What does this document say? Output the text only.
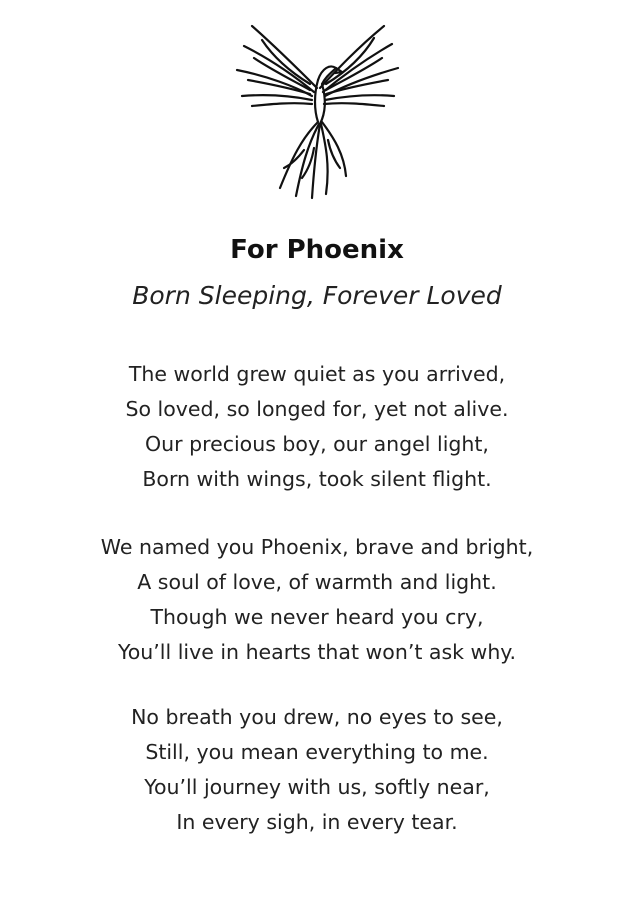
For Phoenix
Born Sleeping, Forever Loved
The world grew quiet as you arrived,
So loved, so longed for, yet not alive.
Our precious boy, our angel light,
Born with wings, took silent flight.
We named you Phoenix, brave and bright,
A soul of love, of warmth and light.
Though we never heard you cry,
You’ll live in hearts that won’t ask why.
No breath you drew, no eyes to see,
Still, you mean everything to me.
You’ll journey with us, softly near,
In every sigh, in every tear.
